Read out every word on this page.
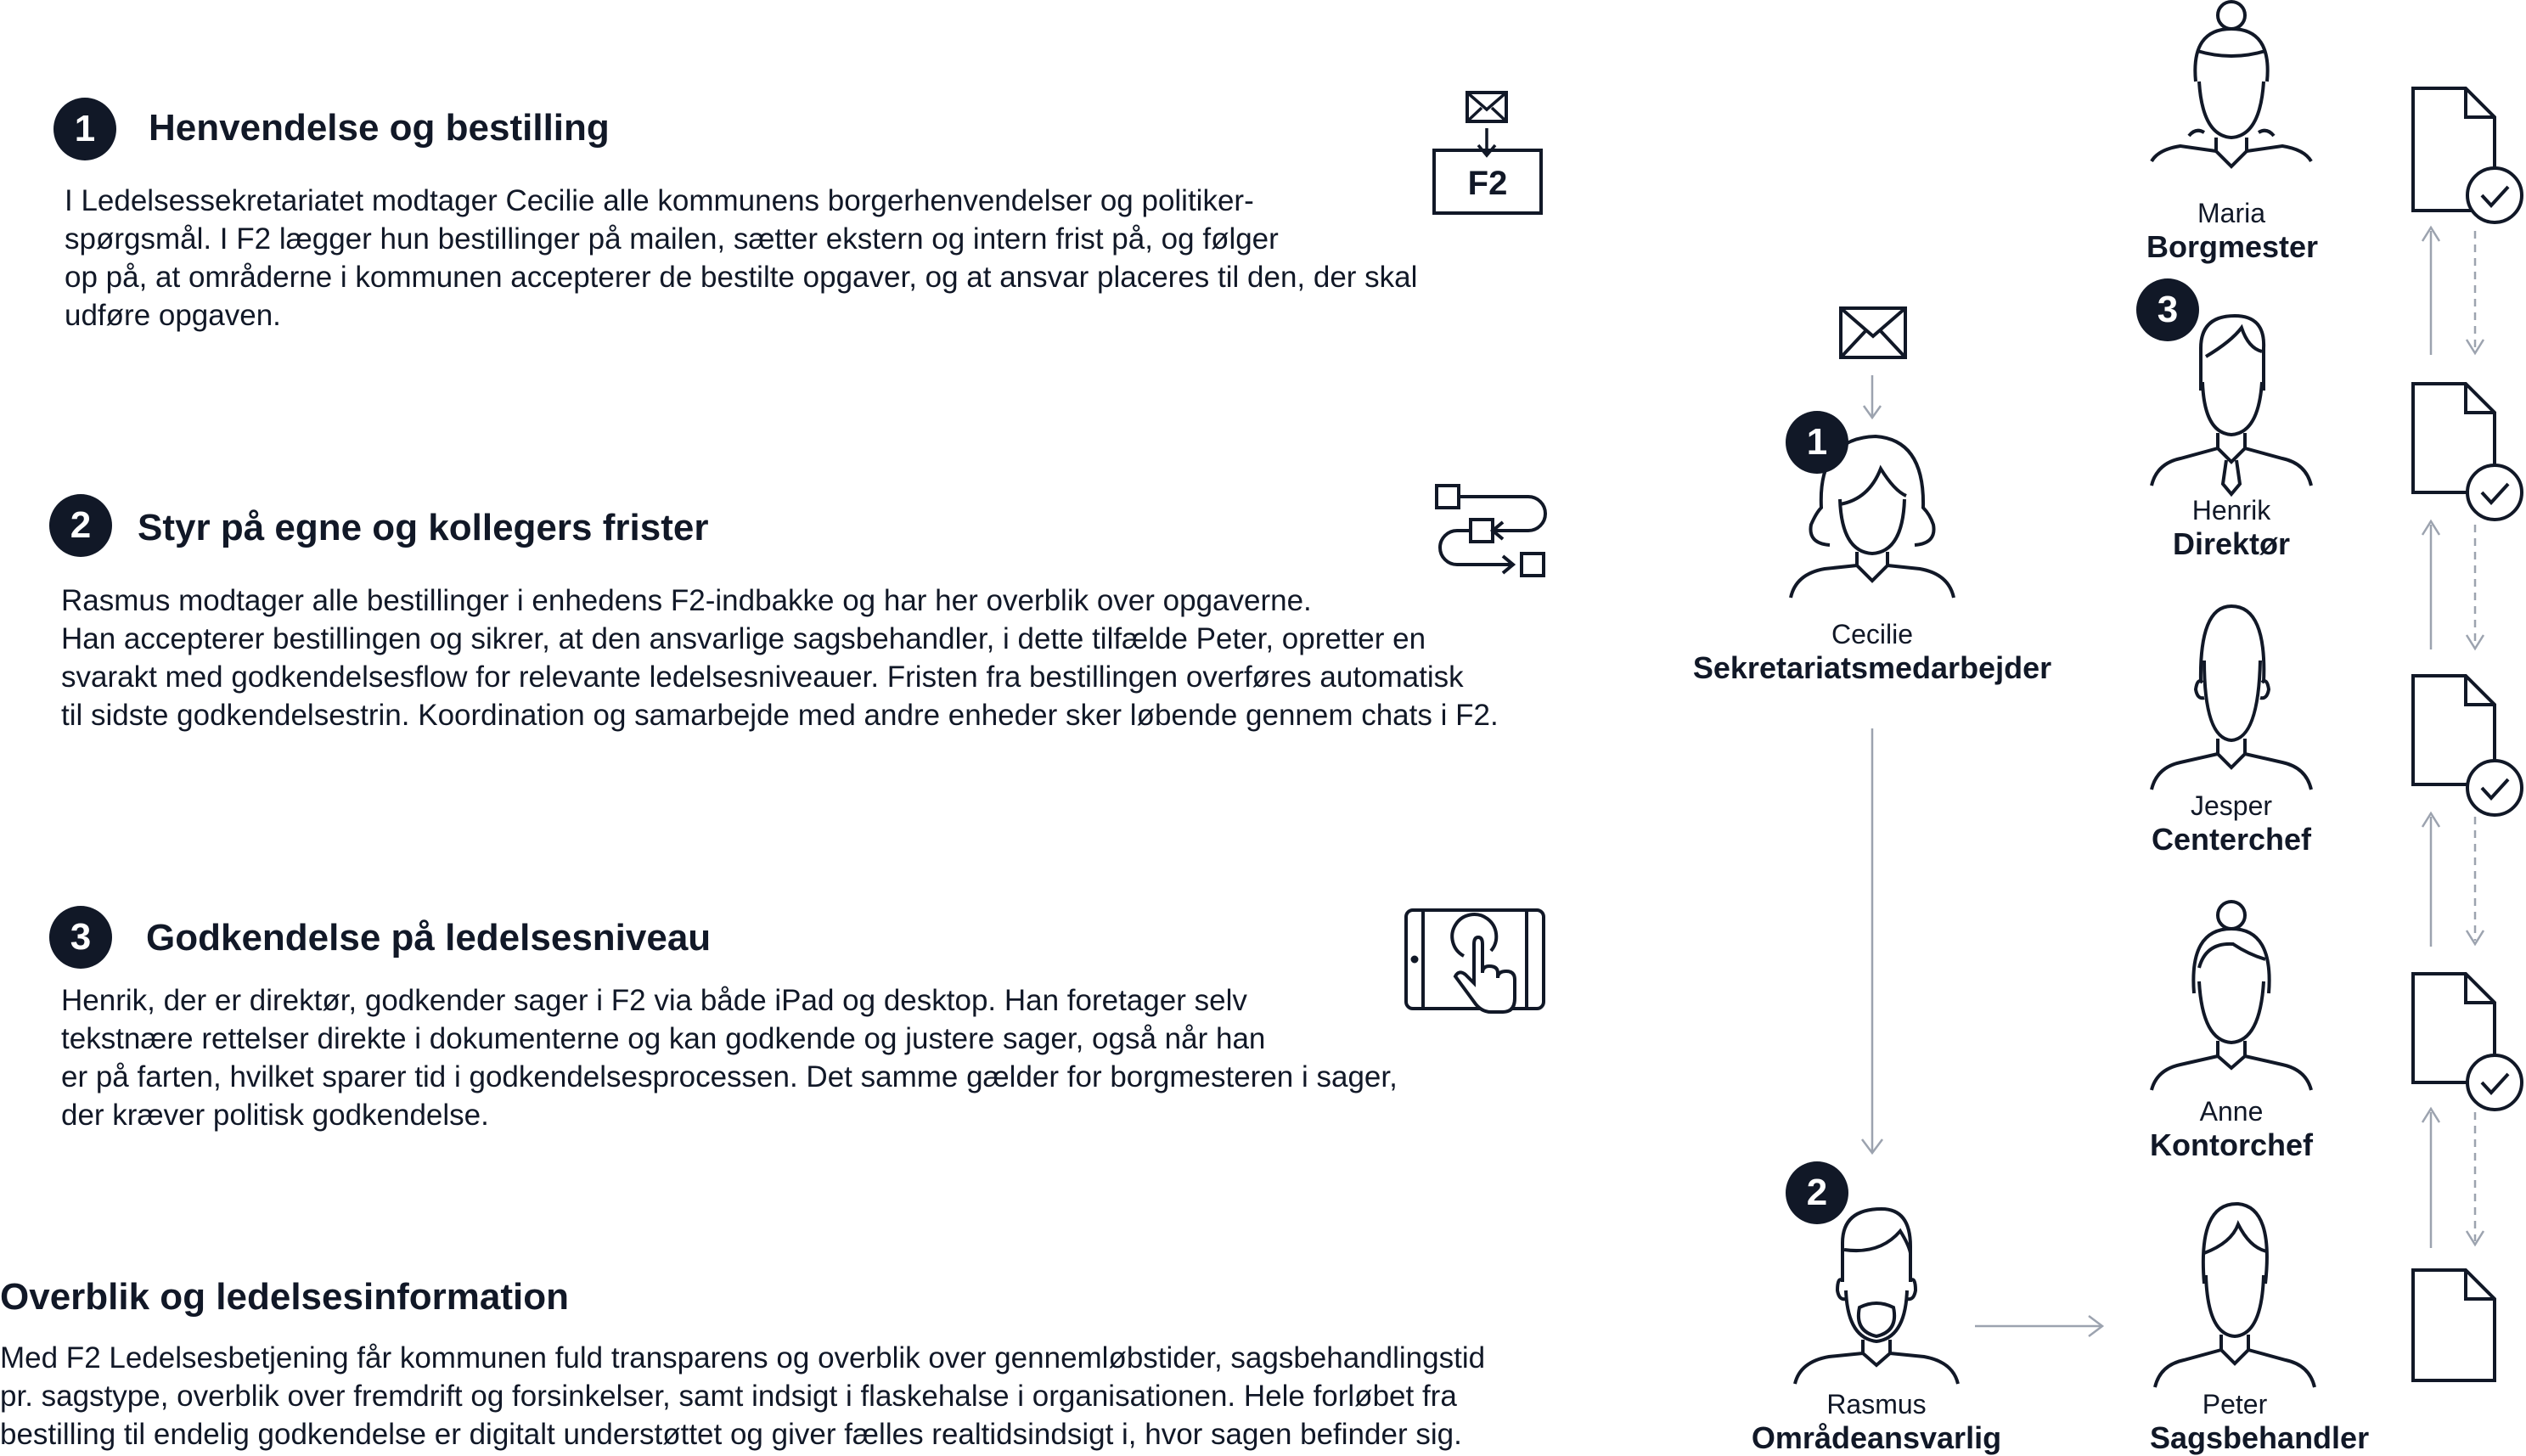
1	Henvendelse og bestilling
I Ledelsessekretariatet modtager Cecilie alle kommunens borgerhenvendelser og politiker-
spørgsmål. I F2 lægger hun bestillinger på mailen, sætter ekstern og intern frist på, og følger
op på, at områderne i kommunen accepterer de bestilte opgaver, og at ansvar placeres til den, der skal
udføre opgaven.
F2
2	Styr på egne og kollegers frister
Rasmus modtager alle bestillinger i enhedens F2-indbakke og har her overblik over opgaverne.
Han accepterer bestillingen og sikrer, at den ansvarlige sagsbehandler, i dette tilfælde Peter, opretter en
svarakt med godkendelsesflow for relevante ledelsesniveauer. Fristen fra bestillingen overføres automatisk
til sidste godkendelsestrin. Koordination og samarbejde med andre enheder sker løbende gennem chats i F2.
3	Godkendelse på ledelsesniveau
Henrik, der er direktør, godkender sager i F2 via både iPad og desktop. Han foretager selv
tekstnære rettelser direkte i dokumenterne og kan godkende og justere sager, også når han
er på farten, hvilket sparer tid i godkendelsesprocessen. Det samme gælder for borgmesteren i sager,
der kræver politisk godkendelse.
Overblik og ledelsesinformation
Med F2 Ledelsesbetjening får kommunen fuld transparens og overblik over gennemløbstider, sagsbehandlingstid
pr. sagstype, overblik over fremdrift og forsinkelser, samt indsigt i flaskehalse i organisationen. Hele forløbet fra
bestilling til endelig godkendelse er digitalt understøttet og giver fælles realtidsindsigt i, hvor sagen befinder sig.
Maria
Borgmester
3
Henrik
Direktør
Jesper
Centerchef
Anne
Kontorchef
Peter
Sagsbehandler
1
Cecilie
Sekretariatsmedarbejder
2
Rasmus
Områdeansvarlig
